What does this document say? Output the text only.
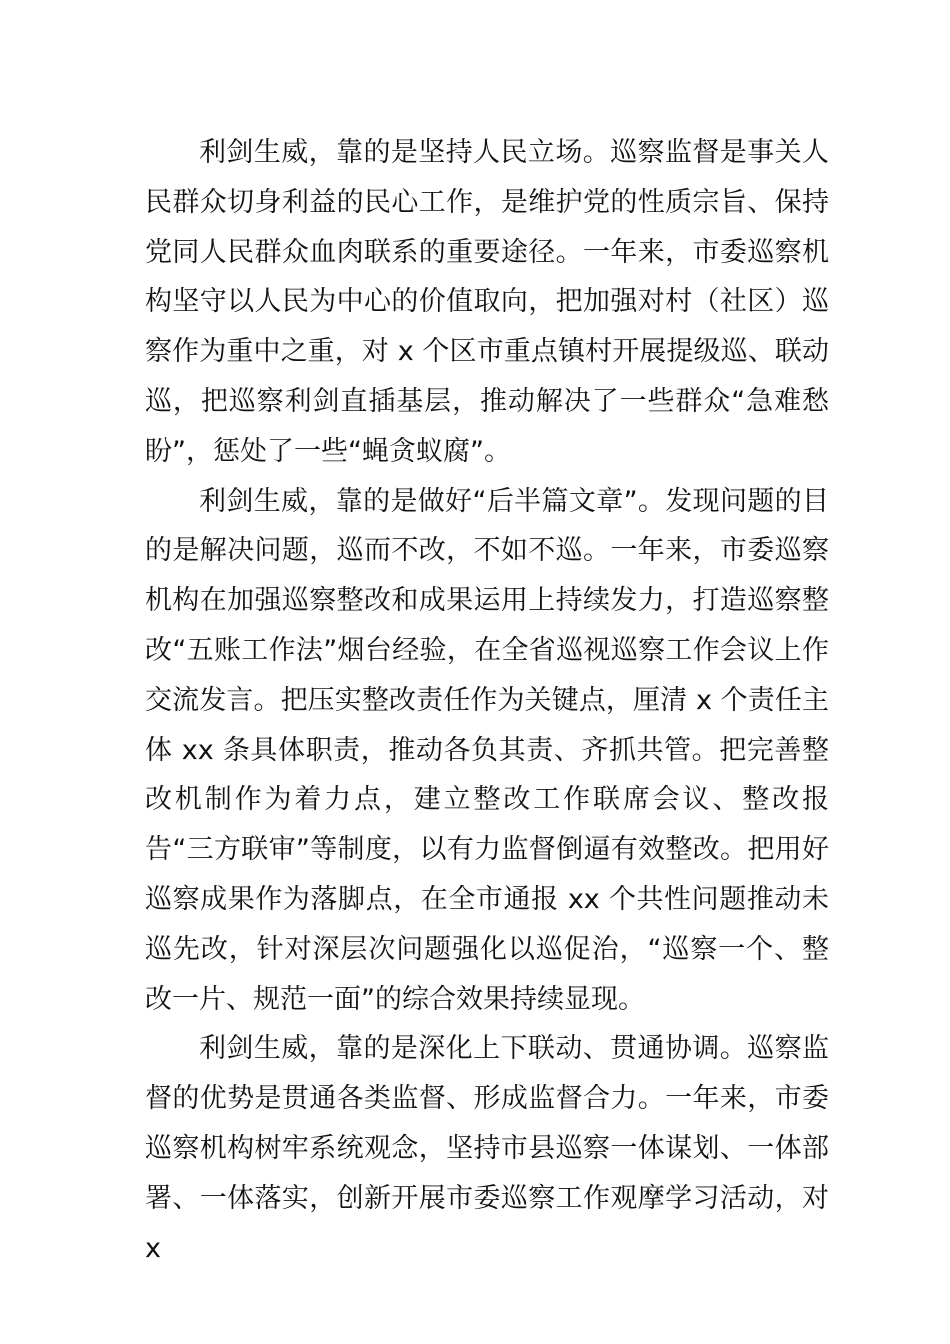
利剑生威，靠的是坚持人民立场。巡察监督是事关人民群众切身利益的民心工作，是维护党的性质宗旨、保持党同人民群众血肉联系的重要途径。一年来，市委巡察机构坚守以人民为中心的价值取向，把加强对村（社区）巡察作为重中之重，对 x 个区市重点镇村开展提级巡、联动巡，把巡察利剑直插基层，推动解决了一些群众“急难愁盼”，惩处了一些“蝇贪蚁腐”。

利剑生威，靠的是做好“后半篇文章”。发现问题的目的是解决问题，巡而不改，不如不巡。一年来，市委巡察机构在加强巡察整改和成果运用上持续发力，打造巡察整改“五账工作法”烟台经验，在全省巡视巡察工作会议上作交流发言。把压实整改责任作为关键点，厘清 x 个责任主体 xx 条具体职责，推动各负其责、齐抓共管。把完善整改机制作为着力点，建立整改工作联席会议、整改报告“三方联审”等制度，以有力监督倒逼有效整改。把用好巡察成果作为落脚点，在全市通报 xx 个共性问题推动未巡先改，针对深层次问题强化以巡促治，“巡察一个、整改一片、规范一面”的综合效果持续显现。

利剑生威，靠的是深化上下联动、贯通协调。巡察监督的优势是贯通各类监督、形成监督合力。一年来，市委巡察机构树牢系统观念，坚持市县巡察一体谋划、一体部署、一体落实，创新开展市委巡察工作观摩学习活动，对 x
